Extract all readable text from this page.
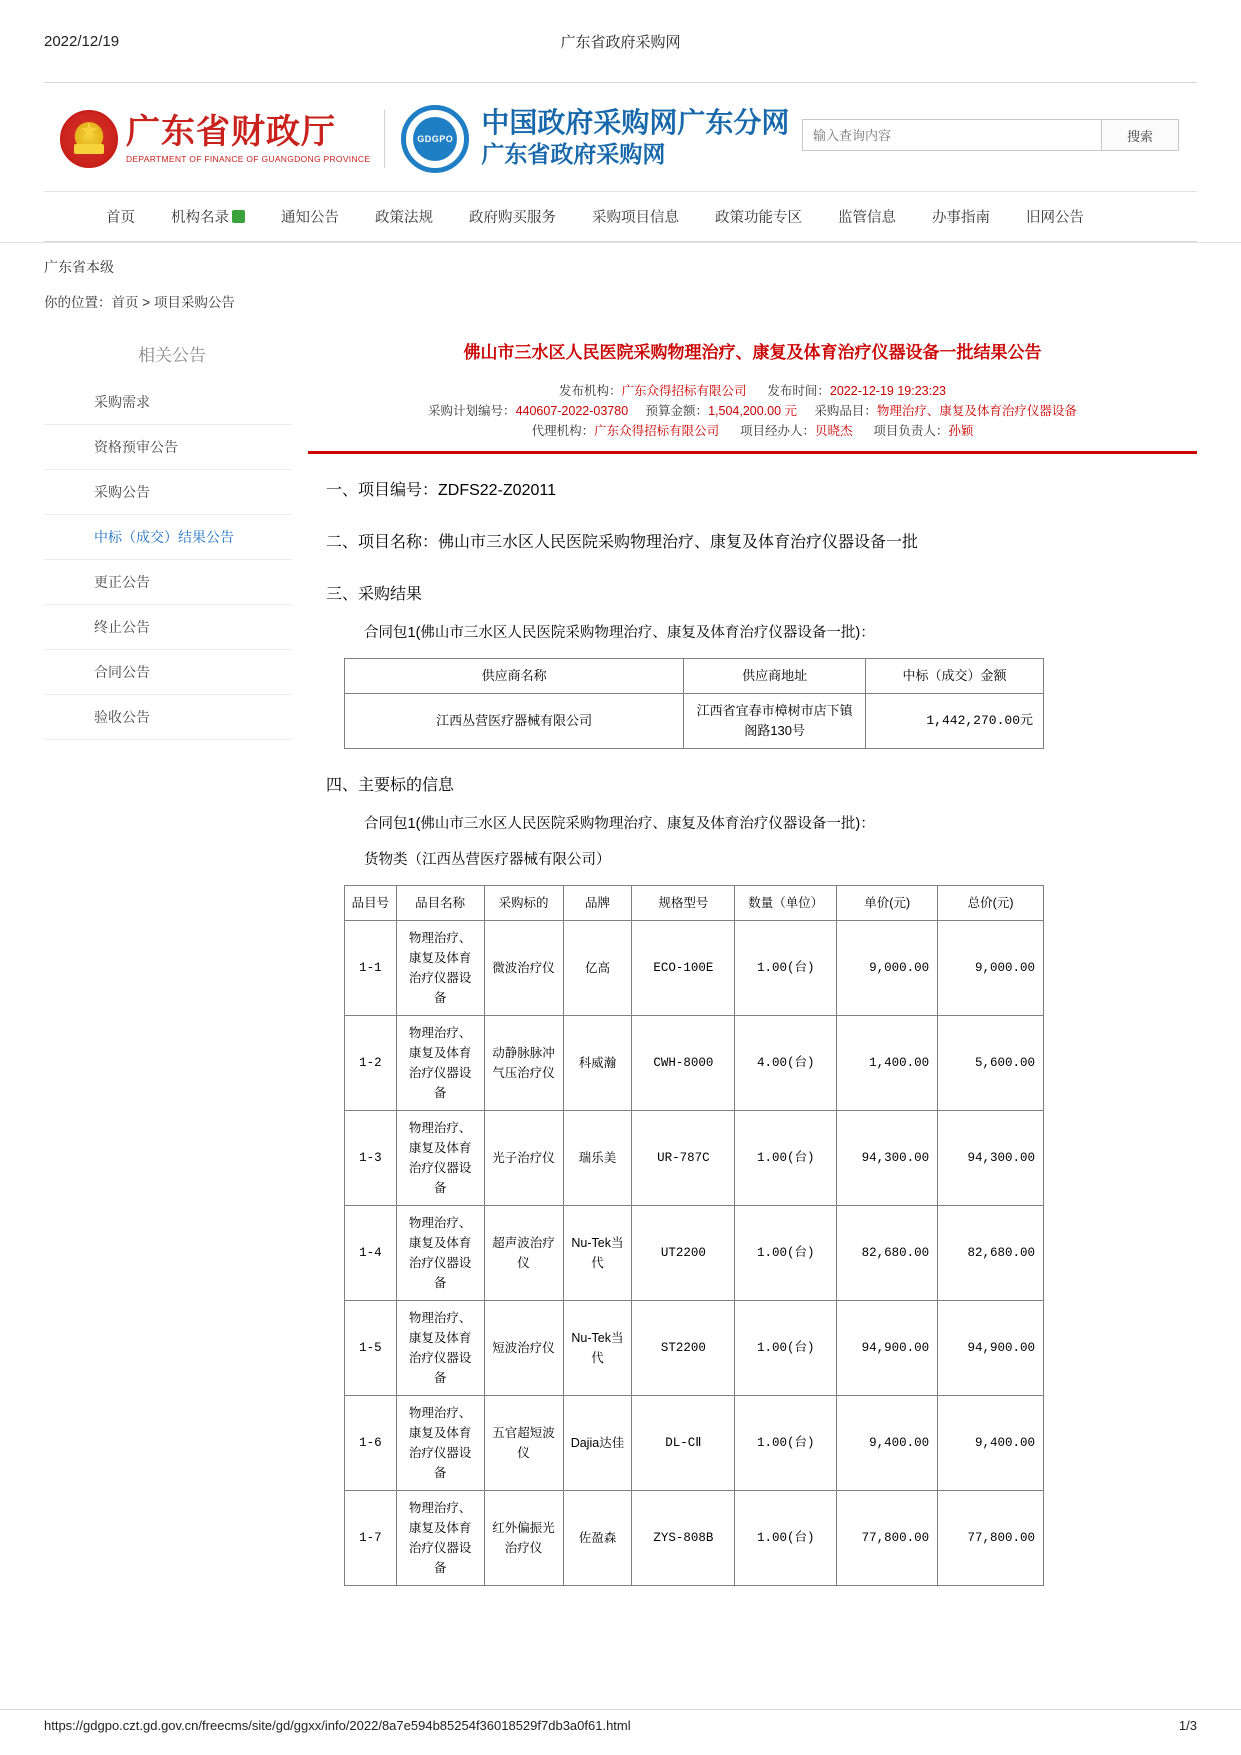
2022/12/19	广东省政府采购网
★
广东省财政厅
DEPARTMENT OF FINANCE OF GUANGDONG PROVINCE
GDGPO 中国政府采购网广东分网
广东省政府采购网
输入查询内容
搜索
首页	机构名录	通知公告	政策法规	政府购买服务	采购项目信息	政策功能专区	监管信息	办事指南	旧网公告
广东省本级
你的位置：首页 > 项目采购公告
相关公告
采购需求
资格预审公告
采购公告
中标（成交）结果公告
更正公告
终止公告
合同公告
验收公告
佛山市三水区人民医院采购物理治疗、康复及体育治疗仪器设备一批结果公告
发布机构：广东众得招标有限公司 发布时间：2022-12-19 19:23:23
采购计划编号：440607-2022-03780 预算金额：1,504,200.00 元 采购品目：物理治疗、康复及体育治疗仪器设备
代理机构：广东众得招标有限公司 项目经办人：贝晓杰 项目负责人：孙颖
一、项目编号：ZDFS22-Z02011
二、项目名称：佛山市三水区人民医院采购物理治疗、康复及体育治疗仪器设备一批
三、采购结果
合同包1(佛山市三水区人民医院采购物理治疗、康复及体育治疗仪器设备一批)：
供应商名称	供应商地址	中标（成交）金额
江西丛营医疗器械有限公司	江西省宜春市樟树市店下镇阁路130号	1,442,270.00元
四、主要标的信息
合同包1(佛山市三水区人民医院采购物理治疗、康复及体育治疗仪器设备一批)：
货物类（江西丛营医疗器械有限公司）
品目号	品目名称	采购标的	品牌	规格型号	数量（单位）	单价(元)	总价(元)
1-1	物理治疗、康复及体育治疗仪器设备	微波治疗仪	亿高	ECO-100E	1.00(台)	9,000.00	9,000.00
1-2	物理治疗、康复及体育治疗仪器设备	动静脉脉冲气压治疗仪	科威瀚	CWH-8000	4.00(台)	1,400.00	5,600.00
1-3	物理治疗、康复及体育治疗仪器设备	光子治疗仪	瑞乐美	UR-787C	1.00(台)	94,300.00	94,300.00
1-4	物理治疗、康复及体育治疗仪器设备	超声波治疗仪	Nu-Tek当代	UT2200	1.00(台)	82,680.00	82,680.00
1-5	物理治疗、康复及体育治疗仪器设备	短波治疗仪	Nu-Tek当代	ST2200	1.00(台)	94,900.00	94,900.00
1-6	物理治疗、康复及体育治疗仪器设备	五官超短波仪	Dajia达佳	DL-CⅡ	1.00(台)	9,400.00	9,400.00
1-7	物理治疗、康复及体育治疗仪器设备	红外偏振光治疗仪	佐盈森	ZYS-808B	1.00(台)	77,800.00	77,800.00
https://gdgpo.czt.gd.gov.cn/freecms/site/gd/ggxx/info/2022/8a7e594b85254f36018529f7db3a0f61.html	1/3
